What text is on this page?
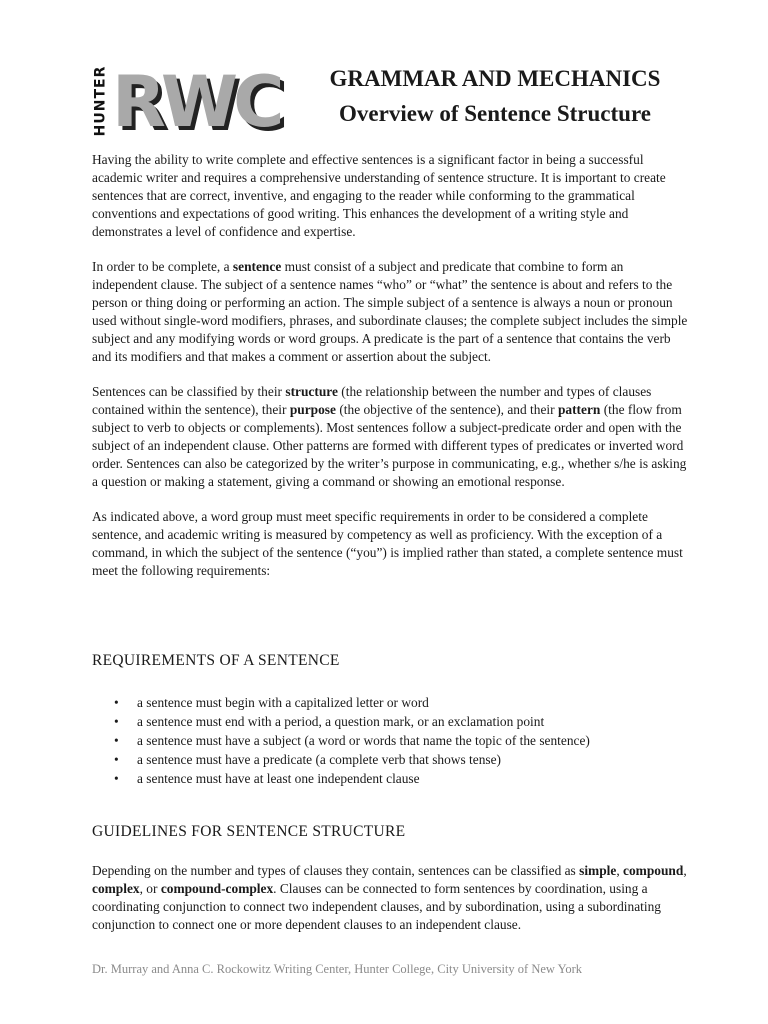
HUNTER RWC	GRAMMAR AND MECHANICS
Overview of Sentence Structure

Having the ability to write complete and effective sentences is a significant factor in being a successful academic writer and requires a comprehensive understanding of sentence structure. It is important to create sentences that are correct, inventive, and engaging to the reader while conforming to the grammatical conventions and expectations of good writing. This enhances the development of a writing style and demonstrates a level of confidence and expertise.

In order to be complete, a sentence must consist of a subject and predicate that combine to form an independent clause. The subject of a sentence names “who” or “what” the sentence is about and refers to the person or thing doing or performing an action. The simple subject of a sentence is always a noun or pronoun used without single-word modifiers, phrases, and subordinate clauses; the complete subject includes the simple subject and any modifying words or word groups. A predicate is the part of a sentence that contains the verb and its modifiers and that makes a comment or assertion about the subject.

Sentences can be classified by their structure (the relationship between the number and types of clauses contained within the sentence), their purpose (the objective of the sentence), and their pattern (the flow from subject to verb to objects or complements). Most sentences follow a subject-predicate order and open with the subject of an independent clause. Other patterns are formed with different types of predicates or inverted word order. Sentences can also be categorized by the writer’s purpose in communicating, e.g., whether s/he is asking a question or making a statement, giving a command or showing an emotional response.

As indicated above, a word group must meet specific requirements in order to be considered a complete sentence, and academic writing is measured by competency as well as proficiency. With the exception of a command, in which the subject of the sentence (“you”) is implied rather than stated, a complete sentence must meet the following requirements:

REQUIREMENTS OF A SENTENCE
• a sentence must begin with a capitalized letter or word
• a sentence must end with a period, a question mark, or an exclamation point
• a sentence must have a subject (a word or words that name the topic of the sentence)
• a sentence must have a predicate (a complete verb that shows tense)
• a sentence must have at least one independent clause
GUIDELINES FOR SENTENCE STRUCTURE

Depending on the number and types of clauses they contain, sentences can be classified as simple, compound, complex, or compound-complex. Clauses can be connected to form sentences by coordination, using a coordinating conjunction to connect two independent clauses, and by subordination, using a subordinating conjunction to connect one or more dependent clauses to an independent clause.

Dr. Murray and Anna C. Rockowitz Writing Center, Hunter College, City University of New York
